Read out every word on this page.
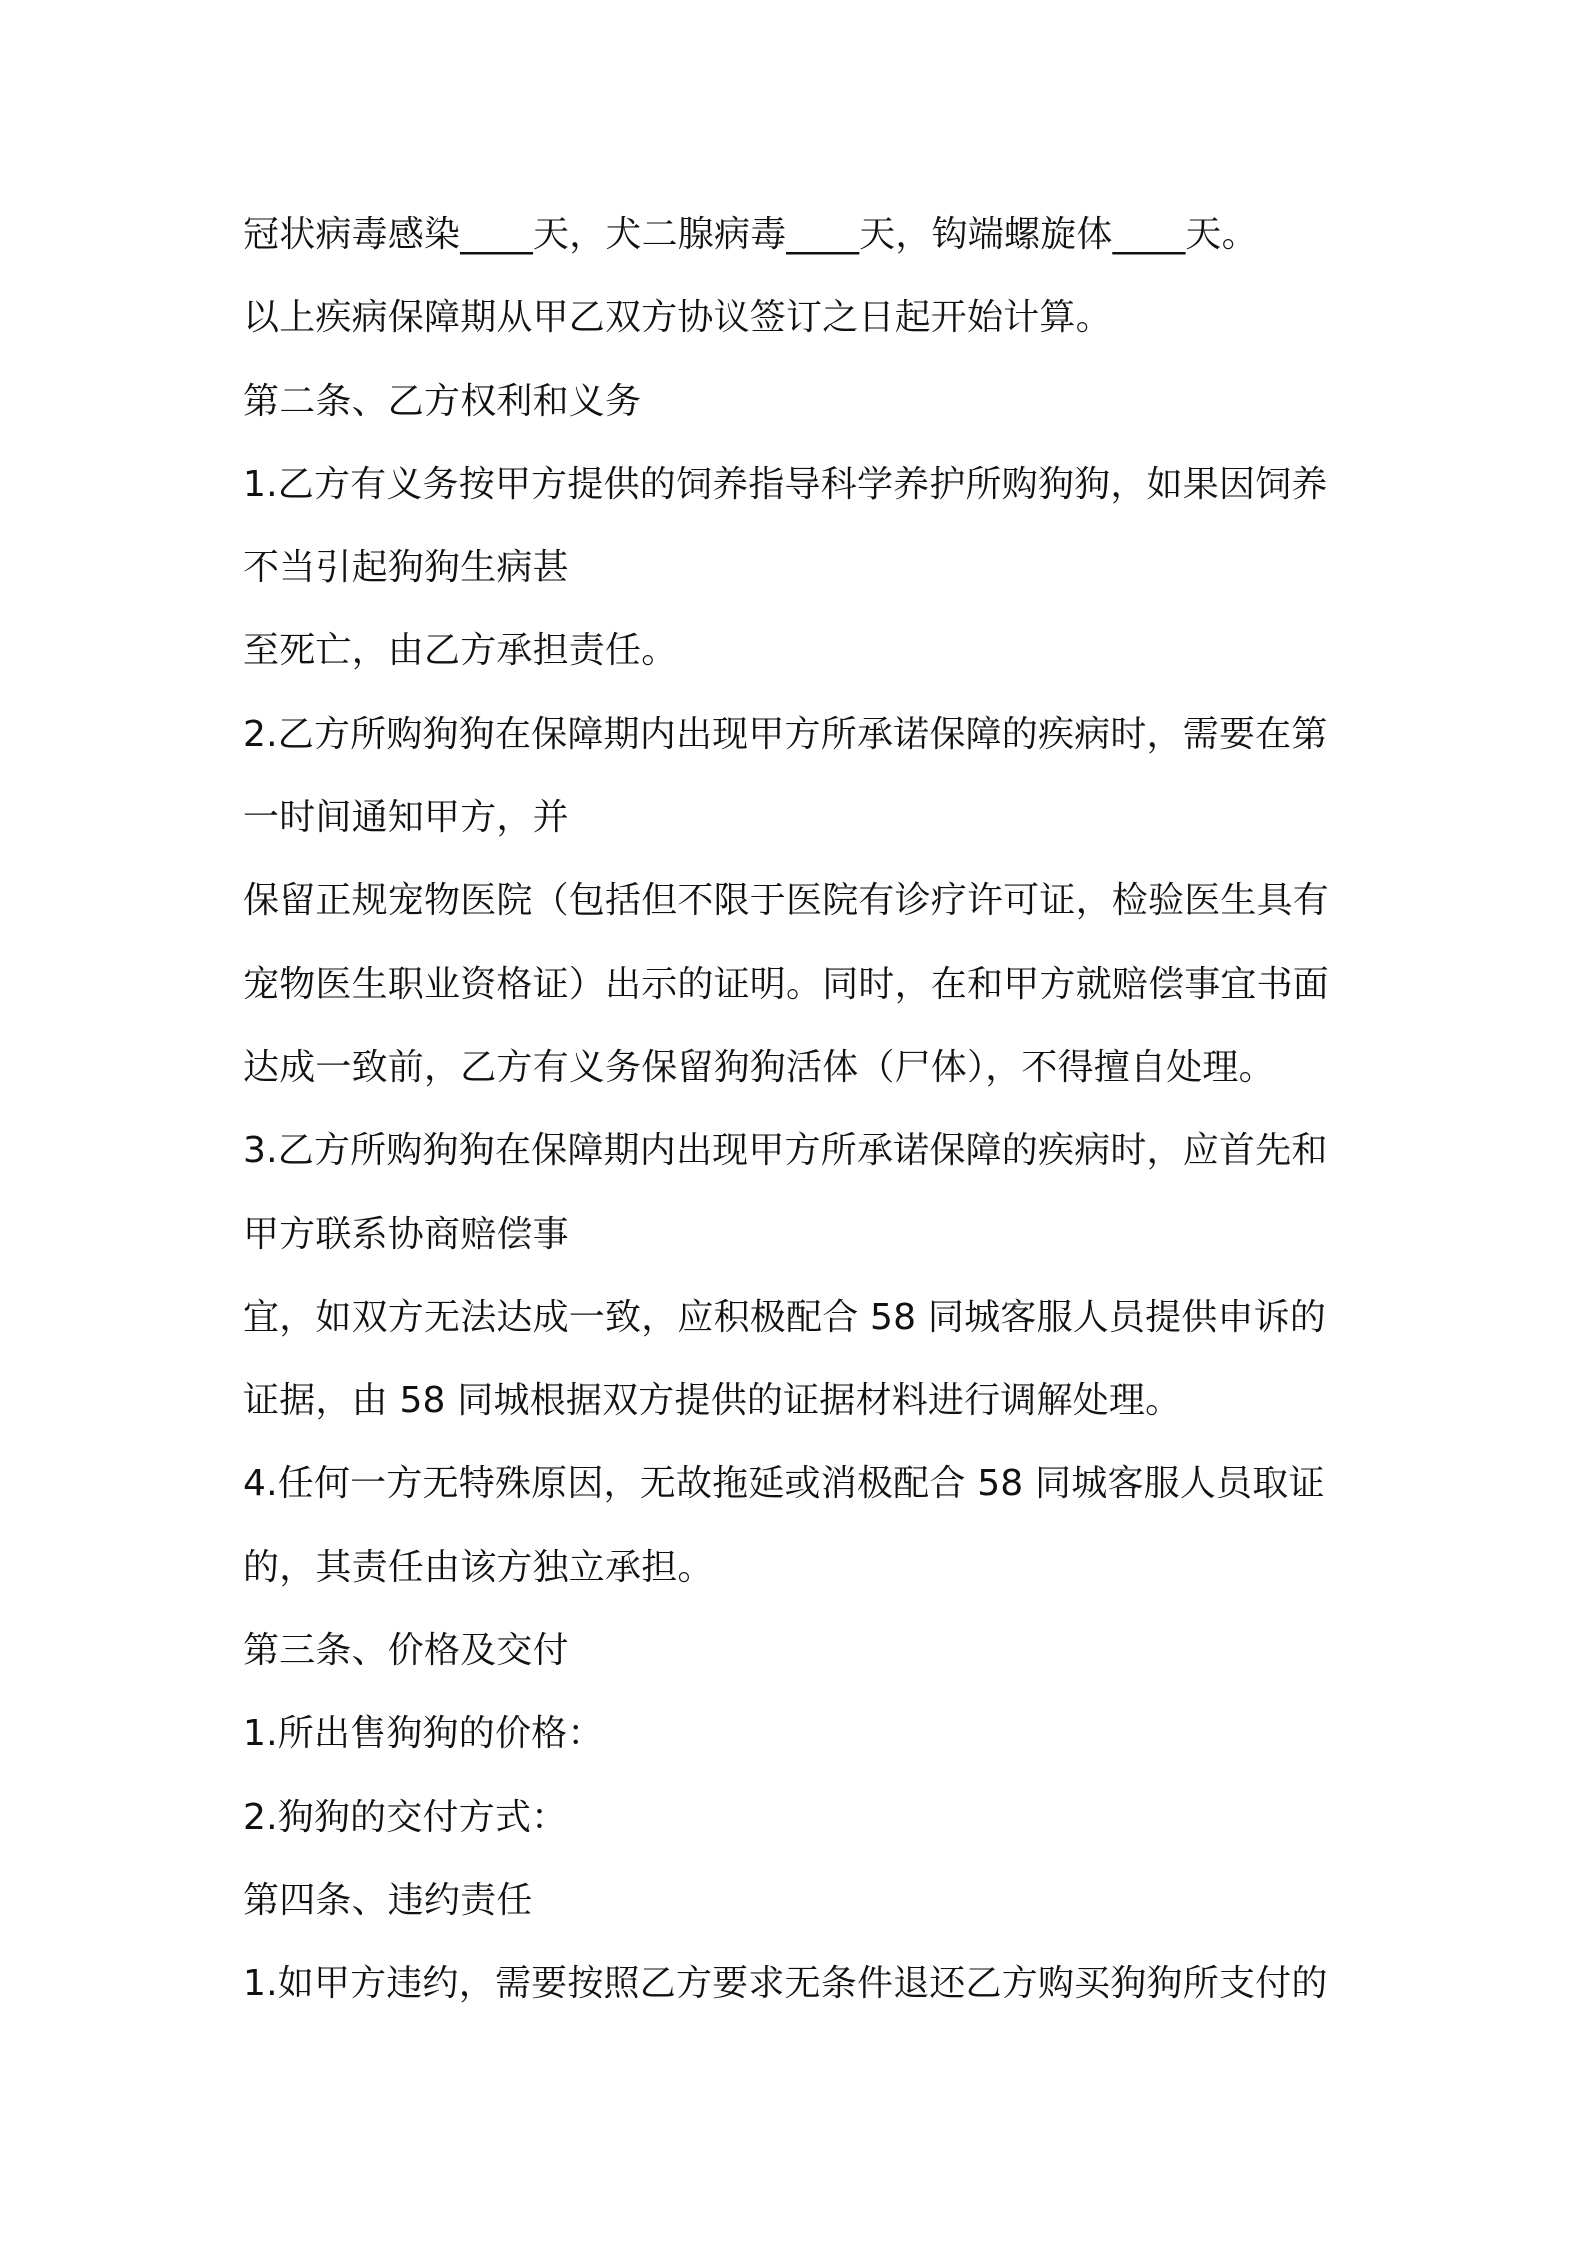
冠状病毒感染____天，犬二腺病毒____天，钩端螺旋体____天。
以上疾病保障期从甲乙双方协议签订之日起开始计算。
第二条、乙方权利和义务
1.乙方有义务按甲方提供的饲养指导科学养护所购狗狗，如果因饲养
不当引起狗狗生病甚
至死亡，由乙方承担责任。
2.乙方所购狗狗在保障期内出现甲方所承诺保障的疾病时，需要在第
一时间通知甲方，并
保留正规宠物医院（包括但不限于医院有诊疗许可证，检验医生具有
宠物医生职业资格证）出示的证明。同时，在和甲方就赔偿事宜书面
达成一致前，乙方有义务保留狗狗活体（尸体），不得擅自处理。
3.乙方所购狗狗在保障期内出现甲方所承诺保障的疾病时，应首先和
甲方联系协商赔偿事
宜，如双方无法达成一致，应积极配合 58 同城客服人员提供申诉的
证据，由 58 同城根据双方提供的证据材料进行调解处理。
4.任何一方无特殊原因，无故拖延或消极配合 58 同城客服人员取证
的，其责任由该方独立承担。
第三条、价格及交付
1.所出售狗狗的价格：
2.狗狗的交付方式：
第四条、违约责任
1.如甲方违约，需要按照乙方要求无条件退还乙方购买狗狗所支付的
